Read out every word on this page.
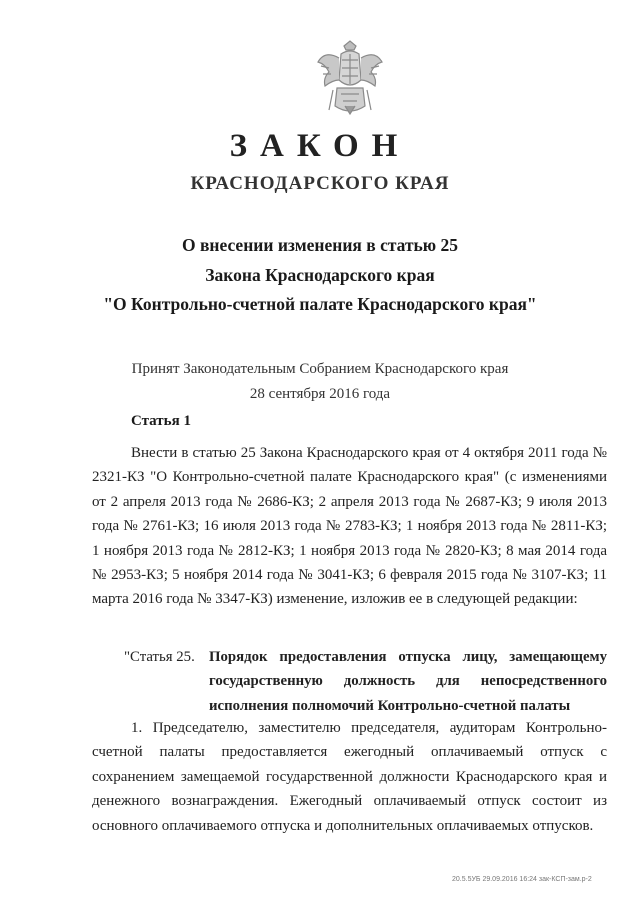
ЗАКОН
КРАСНОДАРСКОГО КРАЯ
О внесении изменения в статью 25
Закона Краснодарского края
"О Контрольно-счетной палате Краснодарского края"
Принят Законодательным Собранием Краснодарского края
28 сентября 2016 года
Статья 1
Внести в статью 25 Закона Краснодарского края от 4 октября 2011 года № 2321-КЗ "О Контрольно-счетной палате Краснодарского края" (с изменениями от 2 апреля 2013 года № 2686-КЗ; 2 апреля 2013 года № 2687-КЗ; 9 июля 2013 года № 2761-КЗ; 16 июля 2013 года № 2783-КЗ; 1 ноября 2013 года № 2811-КЗ; 1 ноября 2013 года № 2812-КЗ; 1 ноября 2013 года № 2820-КЗ; 8 мая 2014 года № 2953-КЗ; 5 ноября 2014 года № 3041-КЗ; 6 февраля 2015 года № 3107-КЗ; 11 марта 2016 года № 3347-КЗ) изменение, изложив ее в следующей редакции:
"Статья 25. Порядок предоставления отпуска лицу, замещающему государственную должность для непосредственного исполнения полномочий Контрольно-счетной палаты
1. Председателю, заместителю председателя, аудиторам Контрольно-счетной палаты предоставляется ежегодный оплачиваемый отпуск с сохранением замещаемой государственной должности Краснодарского края и денежного вознаграждения. Ежегодный оплачиваемый отпуск состоит из основного оплачиваемого отпуска и дополнительных оплачиваемых отпусков.
20.5.5УБ 29.09.2016 16:24 зак-КСП-зам.р-2
